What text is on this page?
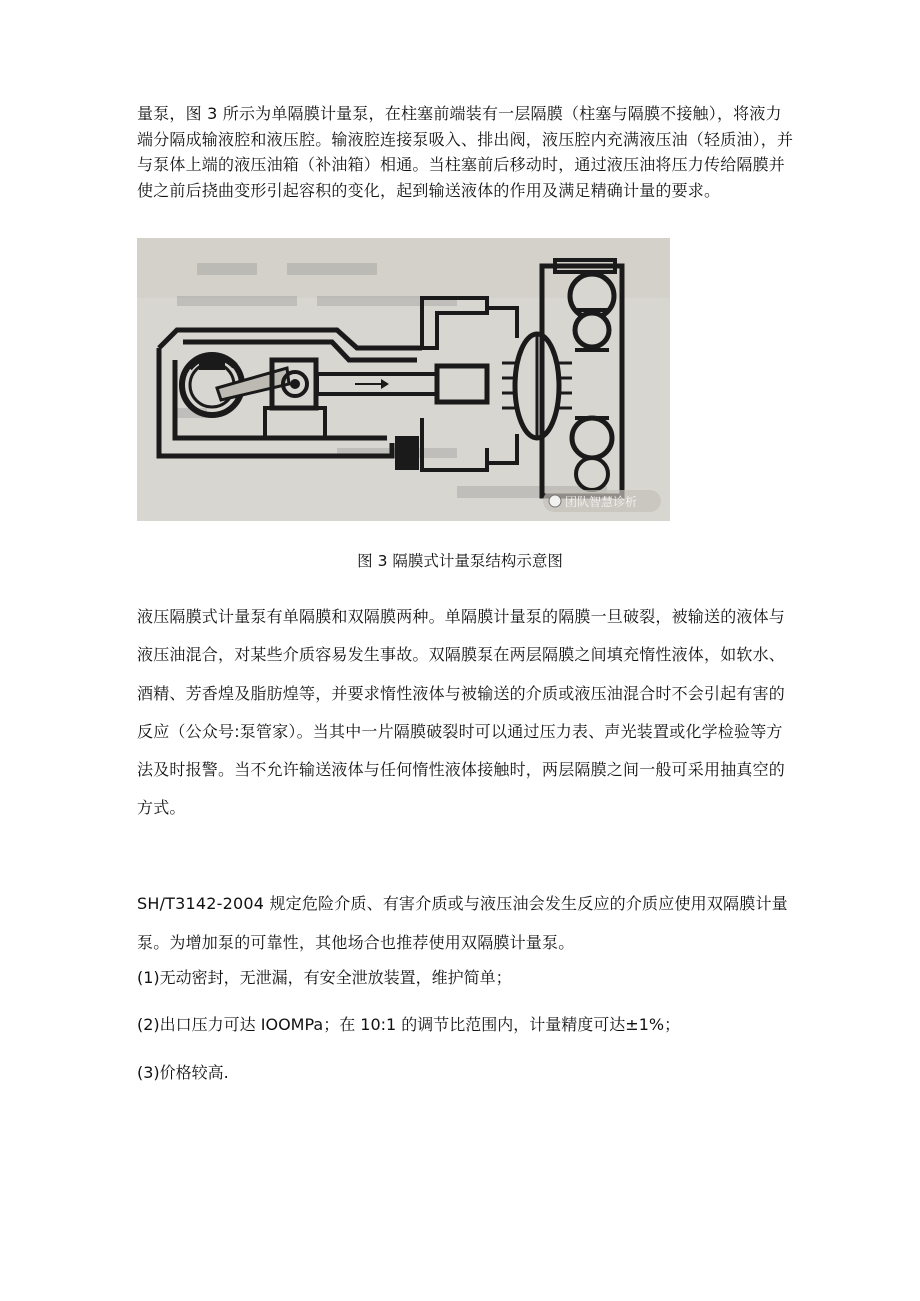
量泵，图 3 所示为单隔膜计量泵，在柱塞前端装有一层隔膜（柱塞与隔膜不接触），将液力端分隔成输液腔和液压腔。输液腔连接泵吸入、排出阀，液压腔内充满液压油（轻质油），并与泵体上端的液压油箱（补油箱）相通。当柱塞前后移动时，通过液压油将压力传给隔膜并使之前后挠曲变形引起容积的变化，起到输送液体的作用及满足精确计量的要求。

团队智慧诊析
图 3 隔膜式计量泵结构示意图

液压隔膜式计量泵有单隔膜和双隔膜两种。单隔膜计量泵的隔膜一旦破裂，被输送的液体与液压油混合，对某些介质容易发生事故。双隔膜泵在两层隔膜之间填充惰性液体，如软水、酒精、芳香煌及脂肪煌等，并要求惰性液体与被输送的介质或液压油混合时不会引起有害的反应（公众号:泵管家）。当其中一片隔膜破裂时可以通过压力表、声光装置或化学检验等方法及时报警。当不允许输送液体与任何惰性液体接触时，两层隔膜之间一般可采用抽真空的方式。

SH/T3142-2004 规定危险介质、有害介质或与液压油会发生反应的介质应使用双隔膜计量泵。为增加泵的可靠性，其他场合也推荐使用双隔膜计量泵。

(1)无动密封，无泄漏，有安全泄放装置，维护简单；

(2)出口压力可达 IOOMPa；在 10:1 的调节比范围内，计量精度可达±1%；

(3)价格较高.
